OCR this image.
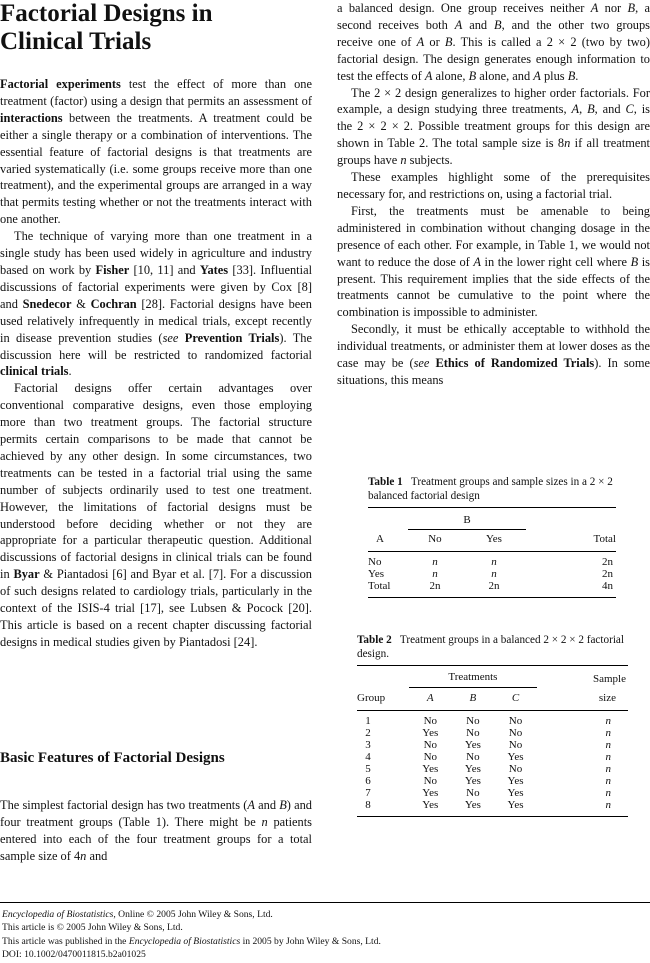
Factorial Designs in
Clinical Trials

Factorial experiments test the effect of more than one treatment (factor) using a design that permits an assessment of interactions between the treatments. A treatment could be either a single therapy or a combination of interventions. The essential feature of factorial designs is that treatments are varied systematically (i.e. some groups receive more than one treatment), and the experimental groups are arranged in a way that permits testing whether or not the treatments interact with one another.

The technique of varying more than one treatment in a single study has been used widely in agriculture and industry based on work by Fisher [10, 11] and Yates [33]. Influential discussions of factorial experiments were given by Cox [8] and Snedecor & Cochran [28]. Factorial designs have been used relatively infrequently in medical trials, except recently in disease prevention studies (see Prevention Trials). The discussion here will be restricted to randomized factorial clinical trials.

Factorial designs offer certain advantages over conventional comparative designs, even those employing more than two treatment groups. The factorial structure permits certain comparisons to be made that cannot be achieved by any other design. In some circumstances, two treatments can be tested in a factorial trial using the same number of subjects ordinarily used to test one treatment. However, the limitations of factorial designs must be understood before deciding whether or not they are appropriate for a particular therapeutic question. Additional discussions of factorial designs in clinical trials can be found in Byar & Piantadosi [6] and Byar et al. [7]. For a discussion of such designs related to cardiology trials, particularly in the context of the ISIS-4 trial [17], see Lubsen & Pocock [20]. This article is based on a recent chapter discussing factorial designs in medical studies given by Piantadosi [24].

Basic Features of Factorial Designs

The simplest factorial design has two treatments (A and B) and four treatment groups (Table 1). There might be n patients entered into each of the four treatment groups for a total sample size of 4n and

a balanced design. One group receives neither A nor B, a second receives both A and B, and the other two groups receive one of A or B. This is called a 2 × 2 (two by two) factorial design. The design generates enough information to test the effects of A alone, B alone, and A plus B.

The 2 × 2 design generalizes to higher order factorials. For example, a design studying three treatments, A, B, and C, is the 2 × 2 × 2. Possible treatment groups for this design are shown in Table 2. The total sample size is 8n if all treatment groups have n subjects.

These examples highlight some of the prerequisites necessary for, and restrictions on, using a factorial trial.

First, the treatments must be amenable to being administered in combination without changing dosage in the presence of each other. For example, in Table 1, we would not want to reduce the dose of A in the lower right cell where B is present. This requirement implies that the side effects of the treatments cannot be cumulative to the point where the combination is impossible to administer.

Secondly, it must be ethically acceptable to withhold the individual treatments, or administer them at lower doses as the case may be (see Ethics of Randomized Trials). In some situations, this means

Table 1 Treatment groups and sample sizes in a 2 × 2 balanced factorial design

	B		
A	No	Yes	Total

No	n	n	2n
Yes	n	n	2n
Total	2n	2n	4n

Table 2 Treatment groups in a balanced 2 × 2 × 2 factorial design.

	Treatments			Sample
Group	A	B	C	size

1	No	No	No	n
2	Yes	No	No	n
3	No	Yes	No	n
4	No	No	Yes	n
5	Yes	Yes	No	n
6	No	Yes	Yes	n
7	Yes	No	Yes	n
8	Yes	Yes	Yes	n

Encyclopedia of Biostatistics, Online © 2005 John Wiley & Sons, Ltd.
This article is © 2005 John Wiley & Sons, Ltd.
This article was published in the Encyclopedia of Biostatistics in 2005 by John Wiley & Sons, Ltd.
DOI: 10.1002/0470011815.b2a01025
